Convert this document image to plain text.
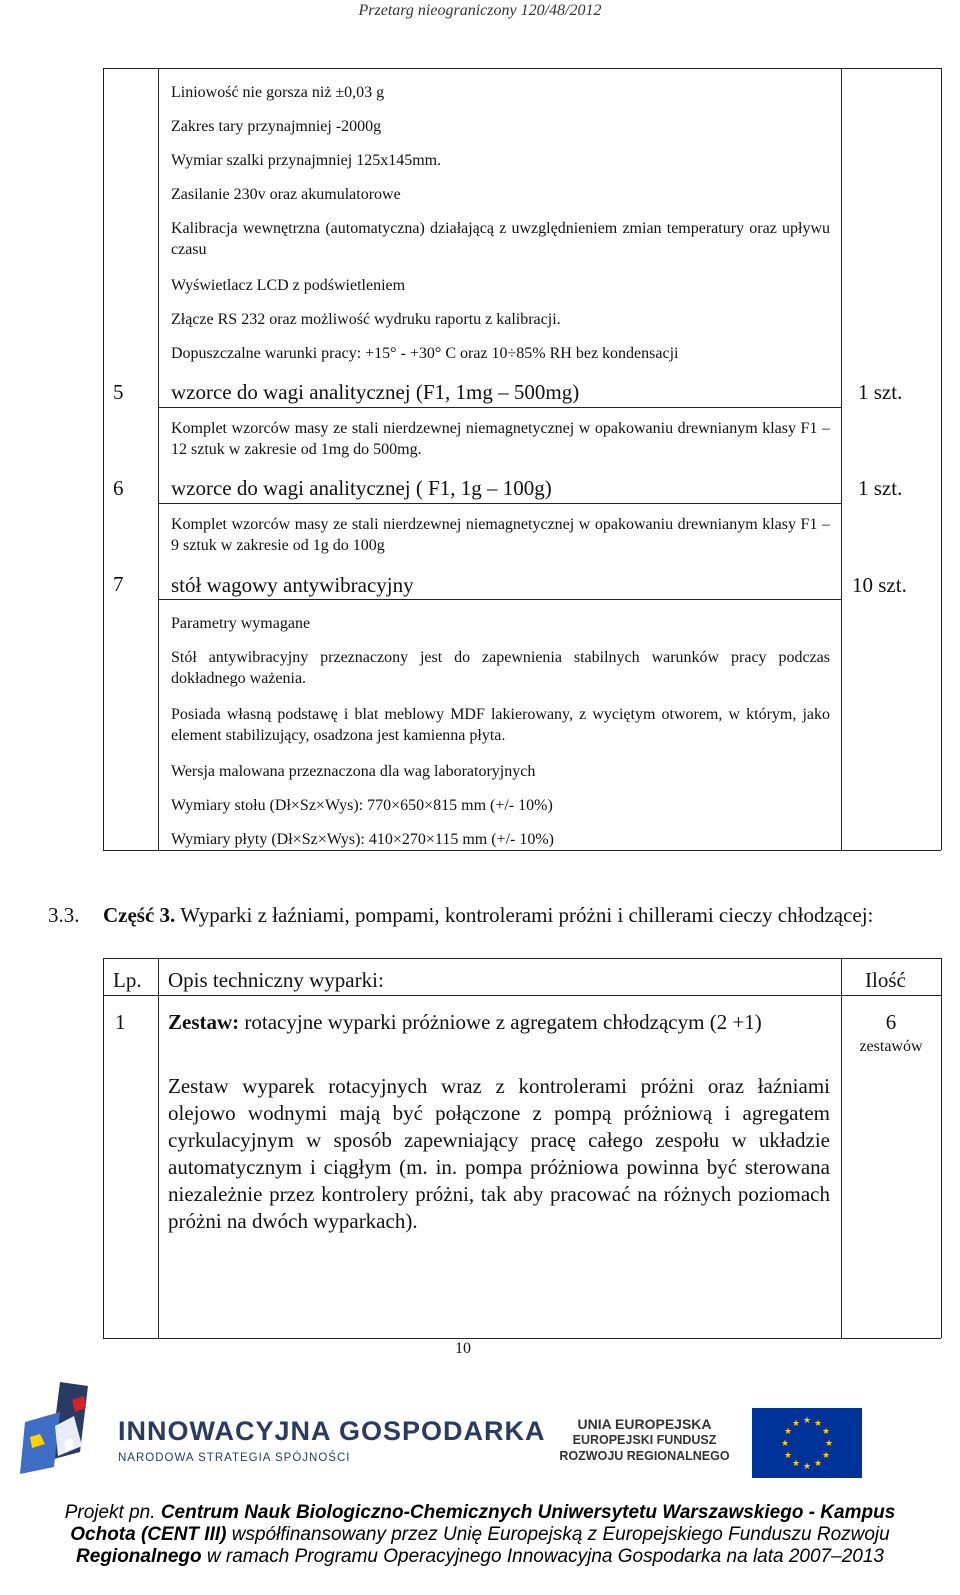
Przetarg nieograniczony 120/48/2012
Liniowość nie gorsza niż ±0,03 g
Zakres tary przynajmniej -2000g
Wymiar szalki przynajmniej 125x145mm.
Zasilanie 230v oraz akumulatorowe
Kalibracja wewnętrzna (automatyczna) działającą z uwzględnieniem zmian temperatury oraz upływu czasu
Wyświetlacz LCD z podświetleniem
Złącze RS 232 oraz możliwość wydruku raportu z kalibracji.
Dopuszczalne warunki pracy: +15° - +30° C oraz 10÷85% RH bez kondensacji
5 wzorce do wagi analitycznej (F1, 1mg – 500mg)	1 szt.
Komplet wzorców masy ze stali nierdzewnej niemagnetycznej w opakowaniu drewnianym klasy F1 – 12 sztuk w zakresie od 1mg do 500mg.
6 wzorce do wagi analitycznej ( F1, 1g – 100g)	1 szt.
Komplet wzorców masy ze stali nierdzewnej niemagnetycznej w opakowaniu drewnianym klasy F1 – 9 sztuk w zakresie od 1g do 100g
7 stół wagowy antywibracyjny	10 szt.
Parametry wymagane
Stół antywibracyjny przeznaczony jest do zapewnienia stabilnych warunków pracy podczas dokładnego ważenia.
Posiada własną podstawę i blat meblowy MDF lakierowany, z wyciętym otworem, w którym, jako element stabilizujący, osadzona jest kamienna płyta.
Wersja malowana przeznaczona dla wag laboratoryjnych
Wymiary stołu (Dł×Sz×Wys): 770×650×815 mm (+/- 10%)
Wymiary płyty (Dł×Sz×Wys): 410×270×115 mm (+/- 10%)
3.3. Część 3. Wyparki z łaźniami, pompami, kontrolerami próżni i chillerami cieczy chłodzącej:
Lp. Opis techniczny wyparki:	Ilość
1 Zestaw: rotacyjne wyparki próżniowe z agregatem chłodzącym (2 +1)	6
zestawów
Zestaw wyparek rotacyjnych wraz z kontrolerami próżni oraz łaźniami olejowo wodnymi mają być połączone z pompą próżniową i agregatem cyrkulacyjnym w sposób zapewniający pracę całego zespołu w układzie automatycznym i ciągłym (m. in. pompa próżniowa powinna być sterowana niezależnie przez kontrolery próżni, tak aby pracować na różnych poziomach próżni na dwóch wyparkach).
10
INNOWACYJNA GOSPODARKA
NARODOWA STRATEGIA SPÓJNOŚCI
UNIA EUROPEJSKA
EUROPEJSKI FUNDUSZ
ROZWOJU REGIONALNEGO
★ ★
★
★
★
★
★
★
★
★
★
★
Projekt pn. Centrum Nauk Biologiczno-Chemicznych Uniwersytetu Warszawskiego - Kampus
Ochota (CENT III) współfinansowany przez Unię Europejską z Europejskiego Funduszu Rozwoju
Regionalnego w ramach Programu Operacyjnego Innowacyjna Gospodarka na lata 2007–2013
